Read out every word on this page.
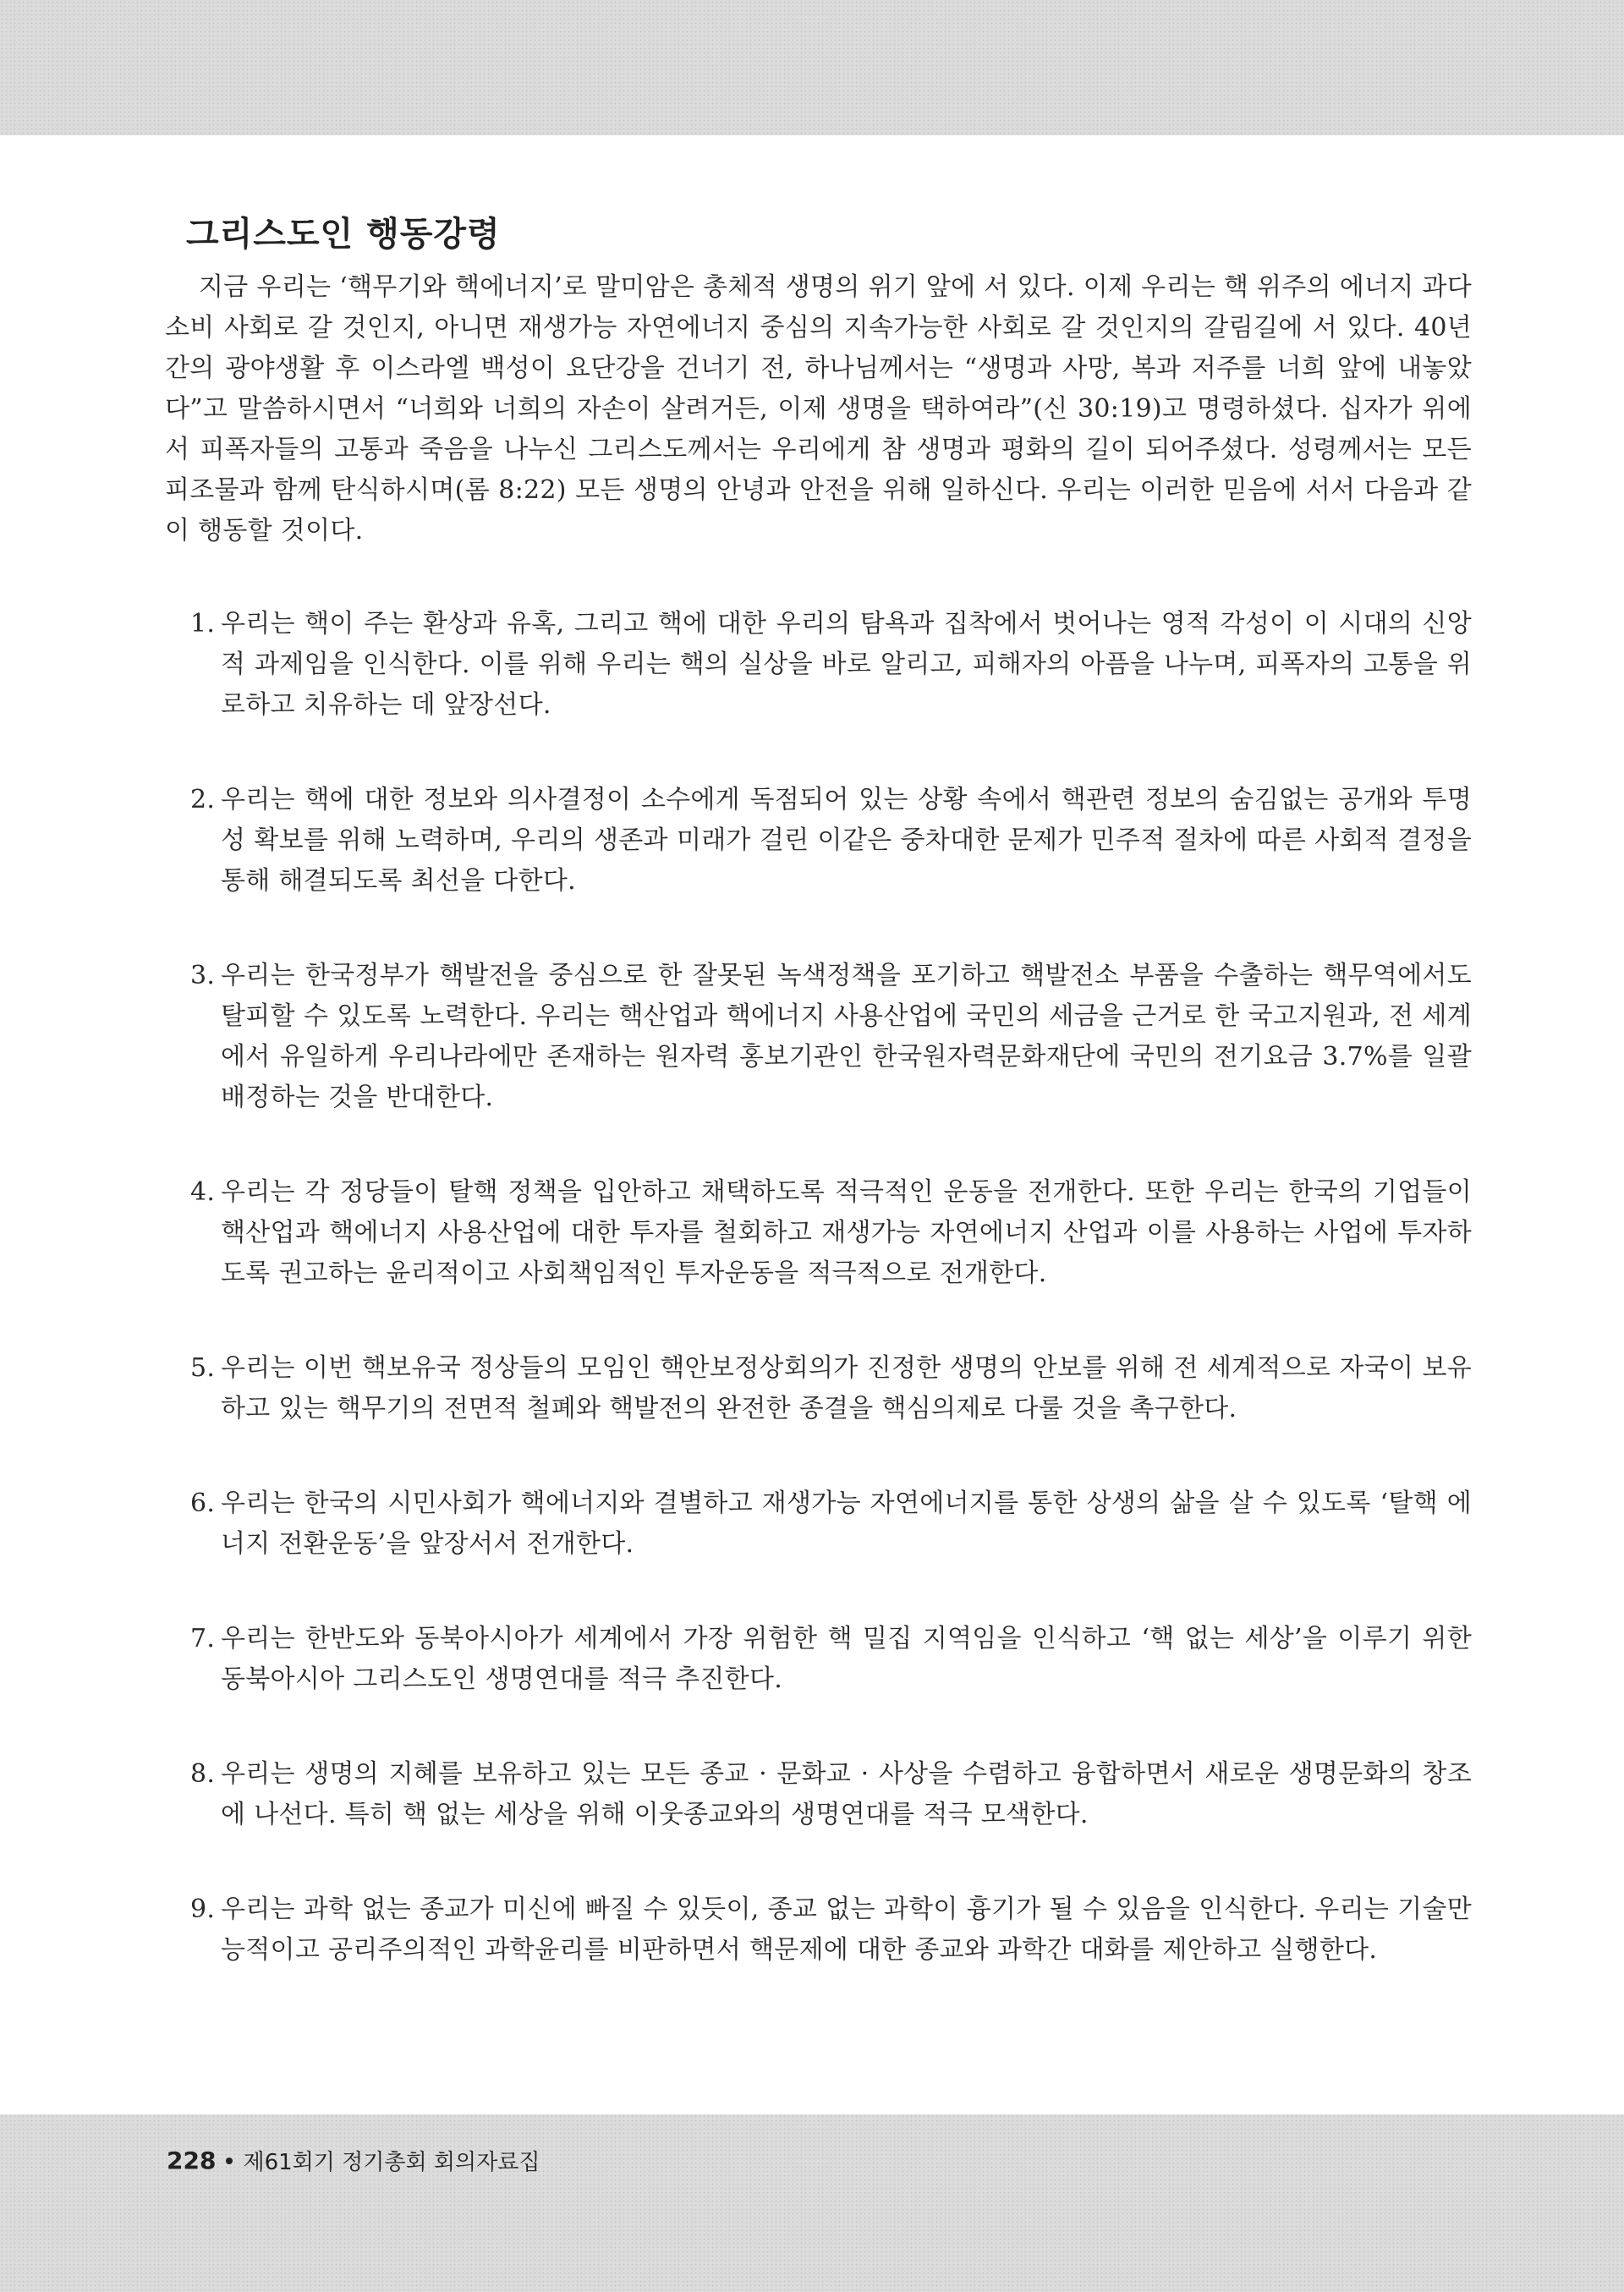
그리스도인 행동강령

지금 우리는 ‘핵무기와 핵에너지’로 말미암은 총체적 생명의 위기 앞에 서 있다. 이제 우리는 핵 위주의 에너지 과다소비 사회로 갈 것인지, 아니면 재생가능 자연에너지 중심의 지속가능한 사회로 갈 것인지의 갈림길에 서 있다. 40년간의 광야생활 후 이스라엘 백성이 요단강을 건너기 전, 하나님께서는 “생명과 사망, 복과 저주를 너희 앞에 내놓았다”고 말씀하시면서 “너희와 너희의 자손이 살려거든, 이제 생명을 택하여라”(신 30:19)고 명령하셨다. 십자가 위에서 피폭자들의 고통과 죽음을 나누신 그리스도께서는 우리에게 참 생명과 평화의 길이 되어주셨다. 성령께서는 모든 피조물과 함께 탄식하시며(롬 8:22) 모든 생명의 안녕과 안전을 위해 일하신다. 우리는 이러한 믿음에 서서 다음과 같이 행동할 것이다.

1. 우리는 핵이 주는 환상과 유혹, 그리고 핵에 대한 우리의 탐욕과 집착에서 벗어나는 영적 각성이 이 시대의 신앙적 과제임을 인식한다. 이를 위해 우리는 핵의 실상을 바로 알리고, 피해자의 아픔을 나누며, 피폭자의 고통을 위로하고 치유하는 데 앞장선다.
2. 우리는 핵에 대한 정보와 의사결정이 소수에게 독점되어 있는 상황 속에서 핵관련 정보의 숨김없는 공개와 투명성 확보를 위해 노력하며, 우리의 생존과 미래가 걸린 이같은 중차대한 문제가 민주적 절차에 따른 사회적 결정을 통해 해결되도록 최선을 다한다.
3. 우리는 한국정부가 핵발전을 중심으로 한 잘못된 녹색정책을 포기하고 핵발전소 부품을 수출하는 핵무역에서도 탈피할 수 있도록 노력한다. 우리는 핵산업과 핵에너지 사용산업에 국민의 세금을 근거로 한 국고지원과, 전 세계에서 유일하게 우리나라에만 존재하는 원자력 홍보기관인 한국원자력문화재단에 국민의 전기요금 3.7%를 일괄 배정하는 것을 반대한다.
4. 우리는 각 정당들이 탈핵 정책을 입안하고 채택하도록 적극적인 운동을 전개한다. 또한 우리는 한국의 기업들이 핵산업과 핵에너지 사용산업에 대한 투자를 철회하고 재생가능 자연에너지 산업과 이를 사용하는 사업에 투자하도록 권고하는 윤리적이고 사회책임적인 투자운동을 적극적으로 전개한다.
5. 우리는 이번 핵보유국 정상들의 모임인 핵안보정상회의가 진정한 생명의 안보를 위해 전 세계적으로 자국이 보유하고 있는 핵무기의 전면적 철폐와 핵발전의 완전한 종결을 핵심의제로 다룰 것을 촉구한다.
6. 우리는 한국의 시민사회가 핵에너지와 결별하고 재생가능 자연에너지를 통한 상생의 삶을 살 수 있도록 ‘탈핵 에너지 전환운동’을 앞장서서 전개한다.
7. 우리는 한반도와 동북아시아가 세계에서 가장 위험한 핵 밀집 지역임을 인식하고 ‘핵 없는 세상’을 이루기 위한 동북아시아 그리스도인 생명연대를 적극 추진한다.
8. 우리는 생명의 지혜를 보유하고 있는 모든 종교 · 문화교 · 사상을 수렴하고 융합하면서 새로운 생명문화의 창조에 나선다. 특히 핵 없는 세상을 위해 이웃종교와의 생명연대를 적극 모색한다.
9. 우리는 과학 없는 종교가 미신에 빠질 수 있듯이, 종교 없는 과학이 흉기가 될 수 있음을 인식한다. 우리는 기술만능적이고 공리주의적인 과학윤리를 비판하면서 핵문제에 대한 종교와 과학간 대화를 제안하고 실행한다.
228 제61회기 정기총회 회의자료집
